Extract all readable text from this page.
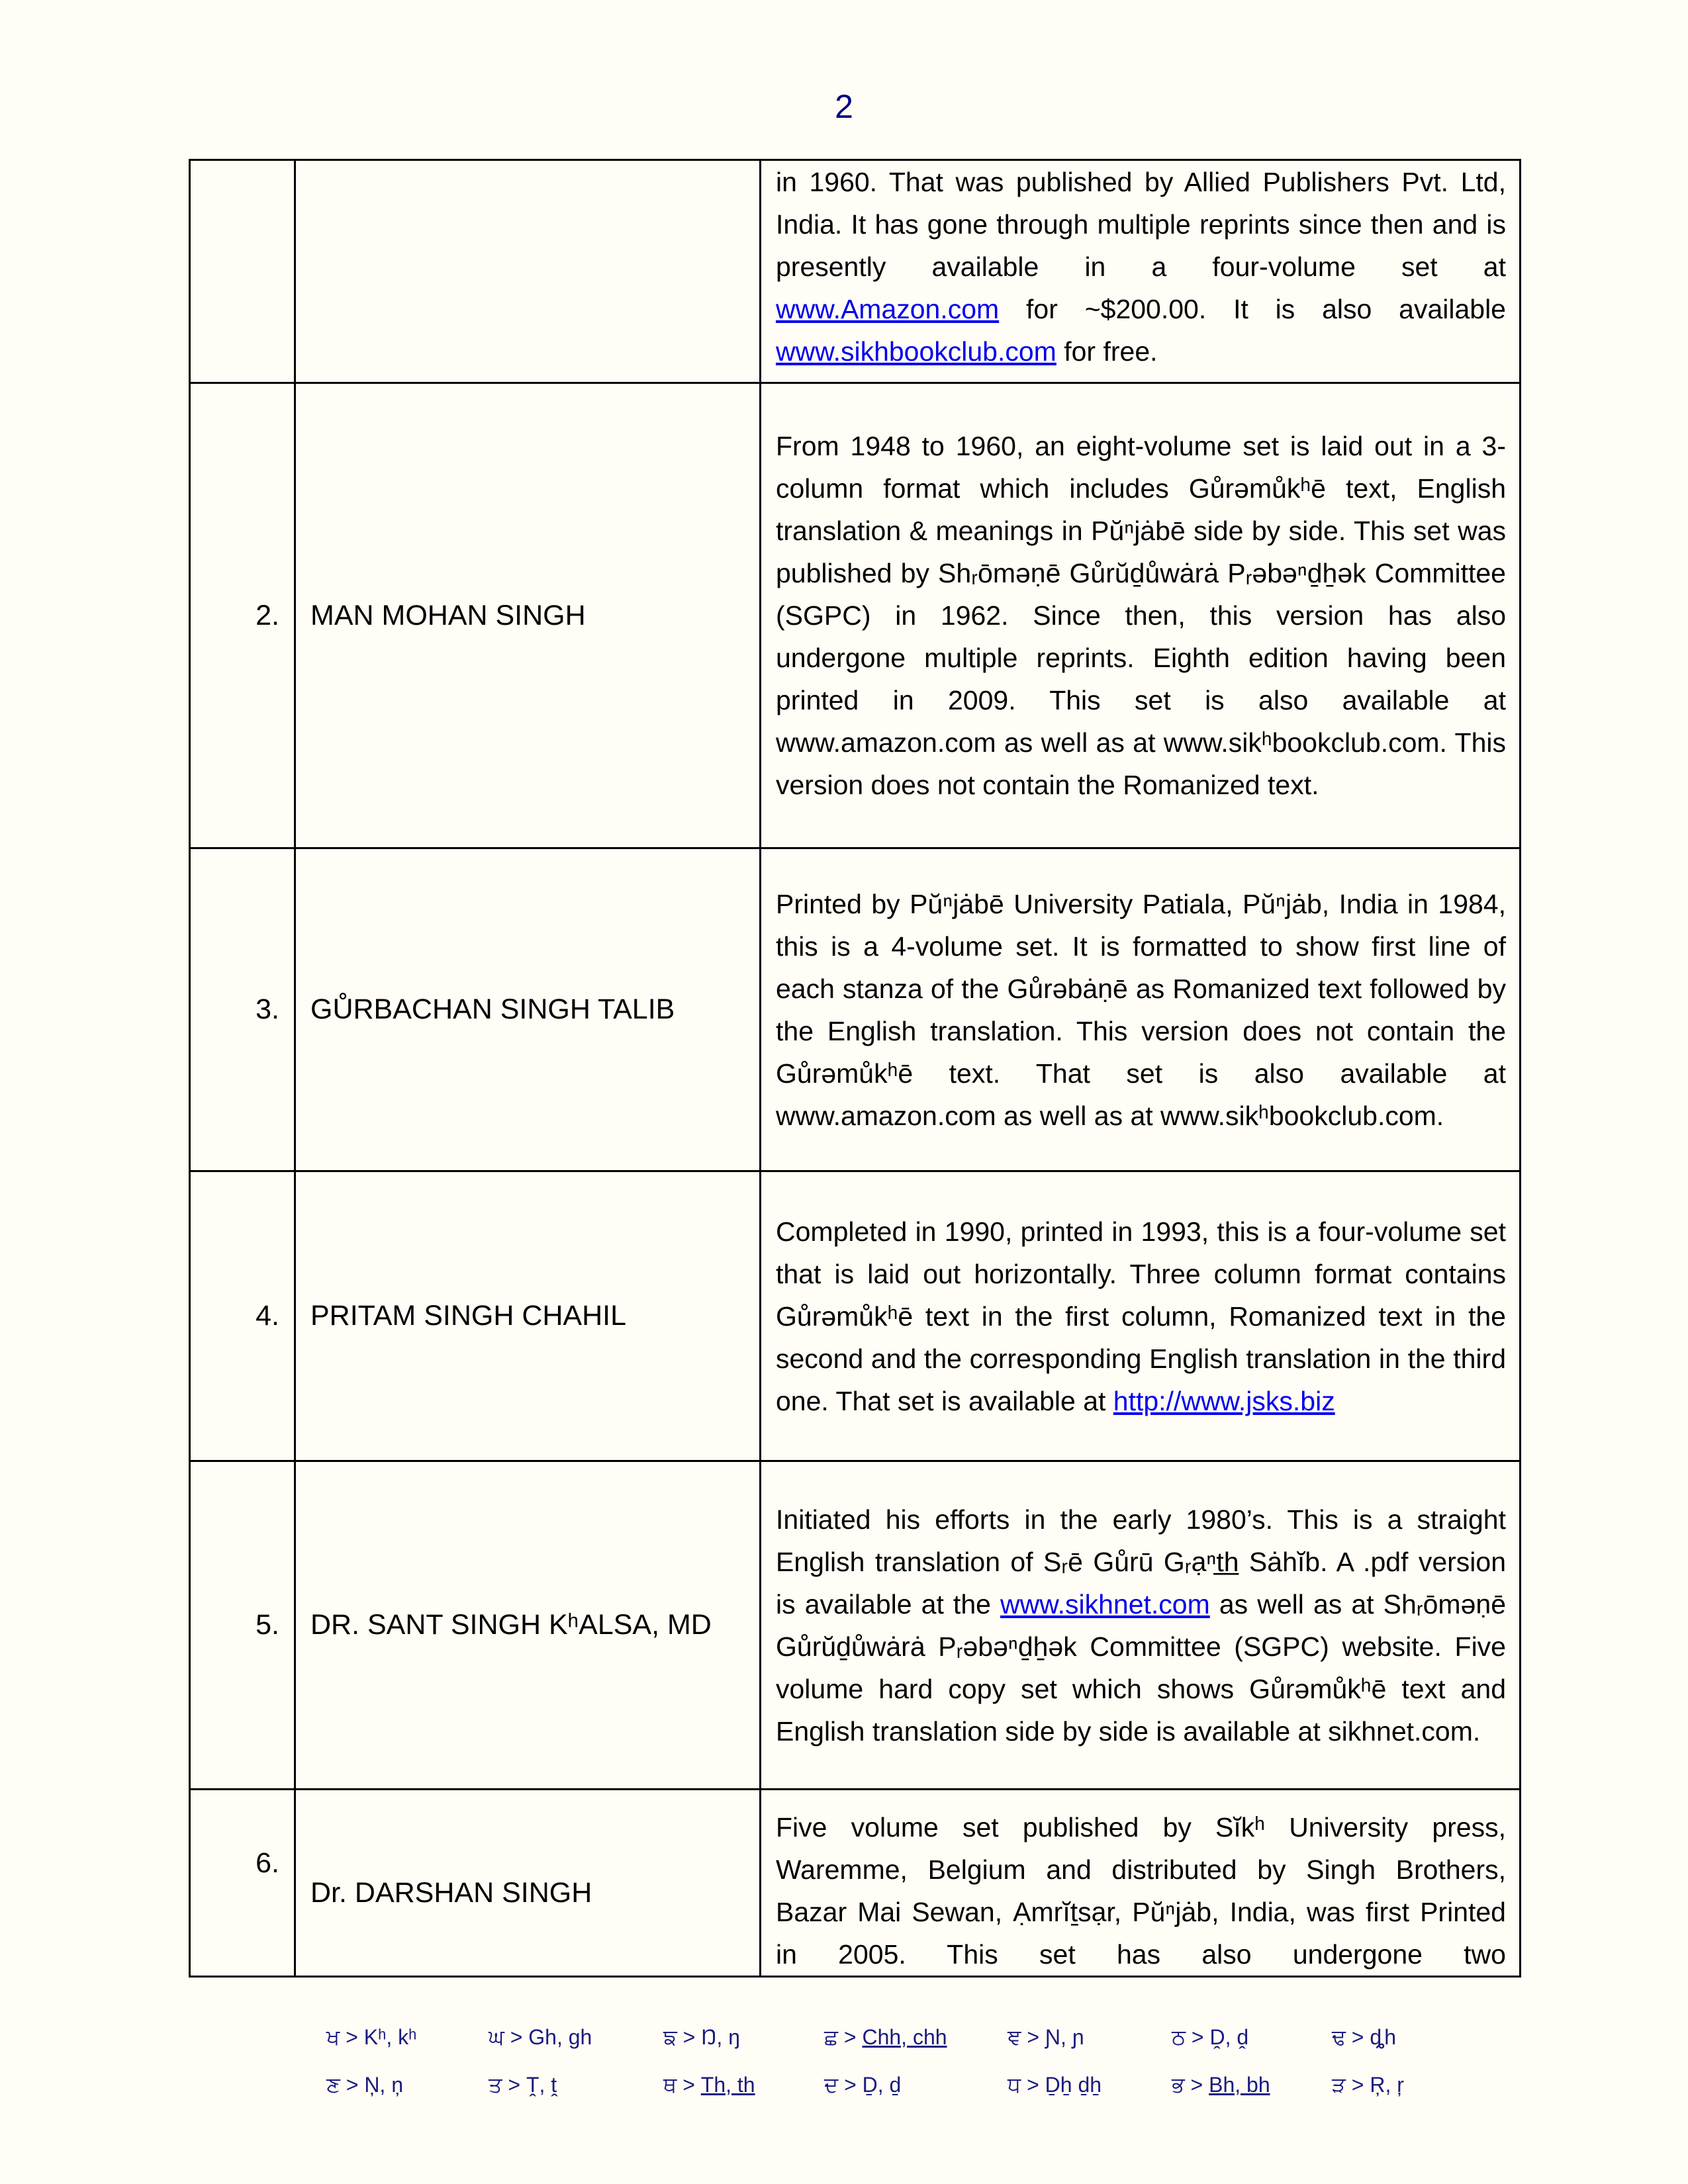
2

		in 1960. That was published by Allied Publishers Pvt. Ltd, India. It has gone through multiple reprints since then and is presently available in a four-volume set at www.Amazon.com for ~$200.00. It is also available www.sikhbookclub.com for free.

2.	MAN MOHAN SINGH	From 1948 to 1960, an eight-volume set is laid out in a 3-column format which includes Gůrəmůkʰē text, English translation & meanings in Pŭⁿjȧbē side by side. This set was published by Shᵣōməṇē Gůrŭḏůwȧrȧ Pᵣəbəⁿḏẖək Committee (SGPC) in 1962. Since then, this version has also undergone multiple reprints. Eighth edition having been printed in 2009. This set is also available at www.amazon.com as well as at www.sikʰbookclub.com. This version does not contain the Romanized text.

3.	GŮRBACHAN SINGH TALIB	Printed by Pŭⁿjȧbē University Patiala, Pŭⁿjȧb, India in 1984, this is a 4-volume set. It is formatted to show first line of each stanza of the Gůrəbȧṇē as Romanized text followed by the English translation. This version does not contain the Gůrəmůkʰē text. That set is also available at www.amazon.com as well as at www.sikʰbookclub.com.

4.	PRITAM SINGH CHAHIL	Completed in 1990, printed in 1993, this is a four-volume set that is laid out horizontally. Three column format contains Gůrəmůkʰē text in the first column, Romanized text in the second and the corresponding English translation in the third one. That set is available at http://www.jsks.biz

5.	DR. SANT SINGH KʰALSA, MD	Initiated his efforts in the early 1980’s. This is a straight English translation of Sᵣē Gůrū Gᵣạⁿt̲h̲ Sȧhĭb. A .pdf version is available at the www.sikhnet.com as well as at Shᵣōməṇē Gůrŭḏůwȧrȧ Pᵣəbəⁿḏẖək Committee (SGPC) website. Five volume hard copy set which shows Gůrəmůkʰē text and English translation side by side is available at sikhnet.com.

6.	Dr. DARSHAN SINGH	Five volume set published by Sĭkʰ University press, Waremme, Belgium and distributed by Singh Brothers, Bazar Mai Sewan, Ạmrĭṯsạr, Pŭⁿjȧb, India, was first Printed in 2005. This set has also undergone two
ਖ > Kʰ, kʰ	ਘ > Gh, gh	ਙ > Ŋ, ŋ	ਛ > Chh, chh	ਞ > Ɲ, ɲ	ਠ > Ḓ, ḓ	ਢ > ȡh
ਣ > Ņ, ņ	ਤ > Ṱ, ṱ	ਥ > Th, th	ਦ > Ḏ, ḏ	ਧ > Ḏẖ ḏẖ	ਭ > Bh, bh	ੜ > Ŗ, ŗ
